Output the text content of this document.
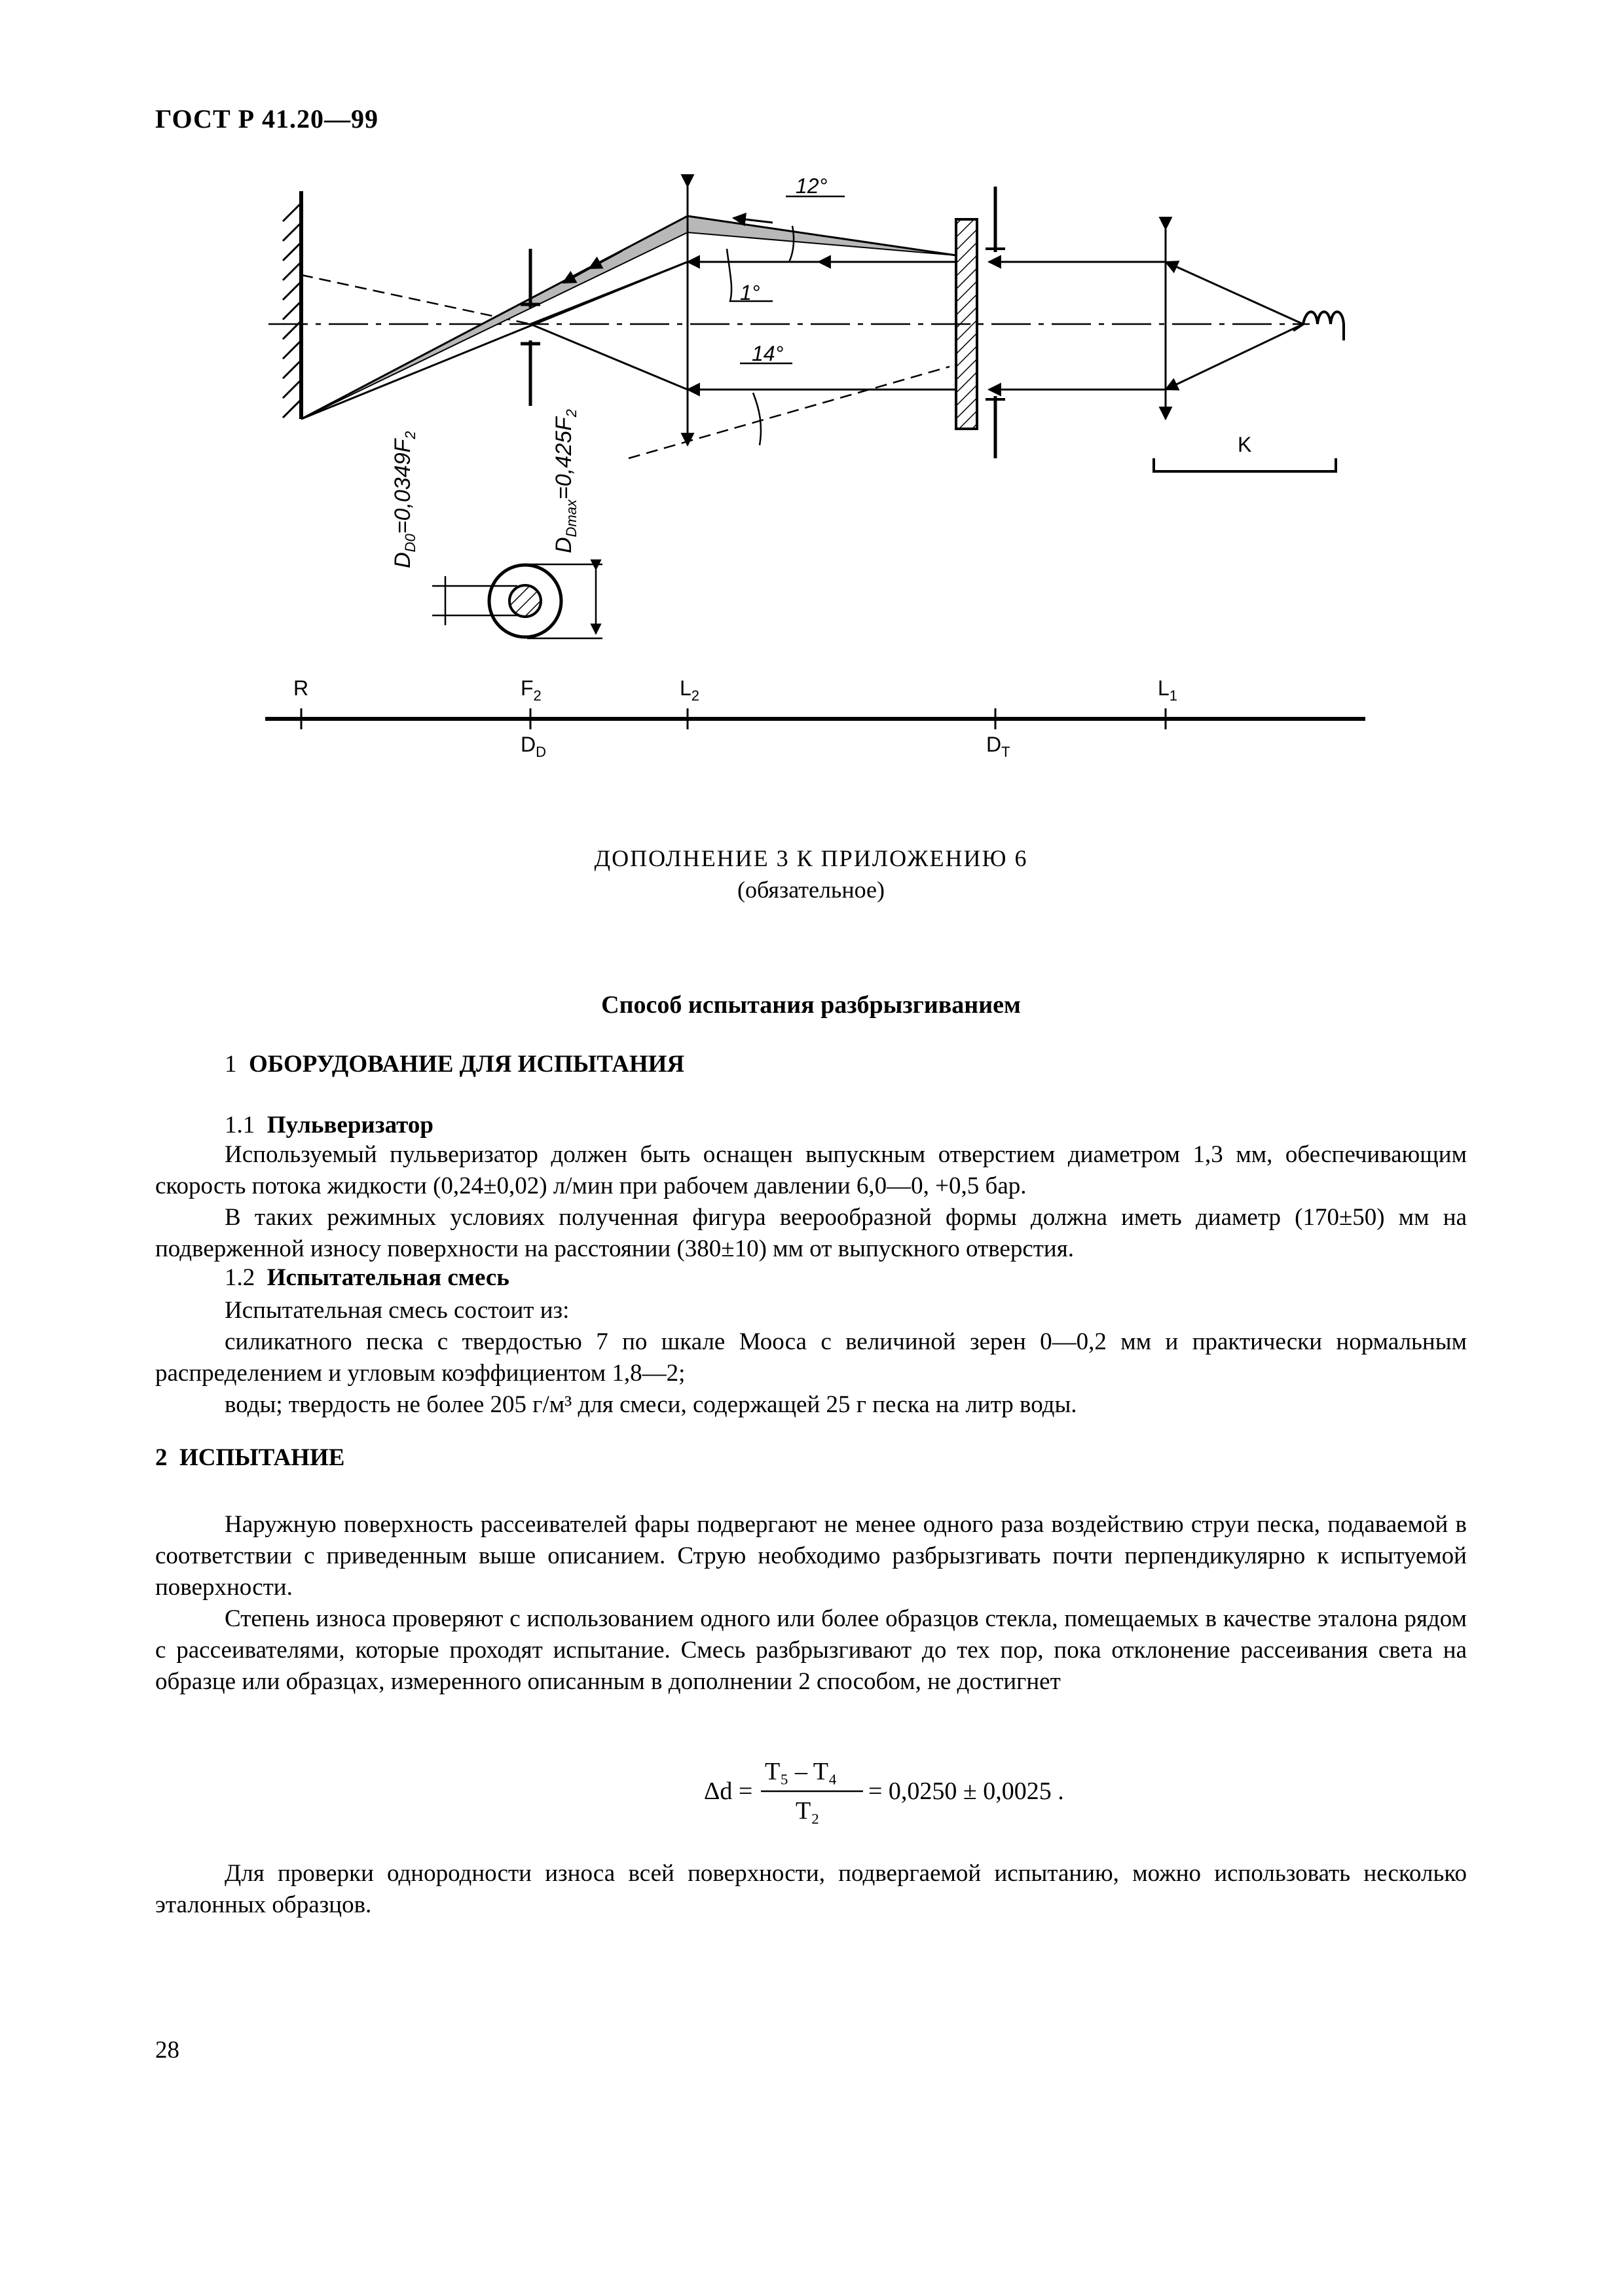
ГОСТ Р 41.20—99
K
12°
1°
14°
$D_{D0}=0,0349F_2$
$D_{Dmax}=0,425F_2$
R	$F_2$	$L_2$	$L_1$
$D_D$	$D_T$
ДОПОЛНЕНИЕ 3 К ПРИЛОЖЕНИЮ 6
(обязательное)
Способ испытания разбрызгиванием
1 ОБОРУДОВАНИЕ ДЛЯ ИСПЫТАНИЯ
1.1 Пульверизатор

Используемый пульверизатор должен быть оснащен выпускным отверстием диаметром 1,3 мм, обеспечивающим скорость потока жидкости (0,24±0,02) л/мин при рабочем давлении 6,0—0, +0,5 бар.

В таких режимных условиях полученная фигура веерообразной формы должна иметь диаметр (170±50) мм на подверженной износу поверхности на расстоянии (380±10) мм от выпускного отверстия.

1.2 Испытательная смесь

Испытательная смесь состоит из:

силикатного песка с твердостью 7 по шкале Мооса с величиной зерен 0—0,2 мм и практически нормальным распределением и угловым коэффициентом 1,8—2;

воды; твердость не более 205 г/м³ для смеси, содержащей 25 г песка на литр воды.

2 ИСПЫТАНИЕ

Наружную поверхность рассеивателей фары подвергают не менее одного раза воздействию струи песка, подаваемой в соответствии с приведенным выше описанием. Струю необходимо разбрызгивать почти перпендикулярно к испытуемой поверхности.

Степень износа проверяют с использованием одного или более образцов стекла, помещаемых в качестве эталона рядом с рассеивателями, которые проходят испытание. Смесь разбрызгивают до тех пор, пока отклонение рассеивания света на образце или образцах, измеренного описанным в дополнении 2 способом, не достигнет

Δd =
T₅ – T₄
T₂
= 0,0250 ± 0,0025 .

Для проверки однородности износа всей поверхности, подвергаемой испытанию, можно использовать несколько эталонных образцов.

28
